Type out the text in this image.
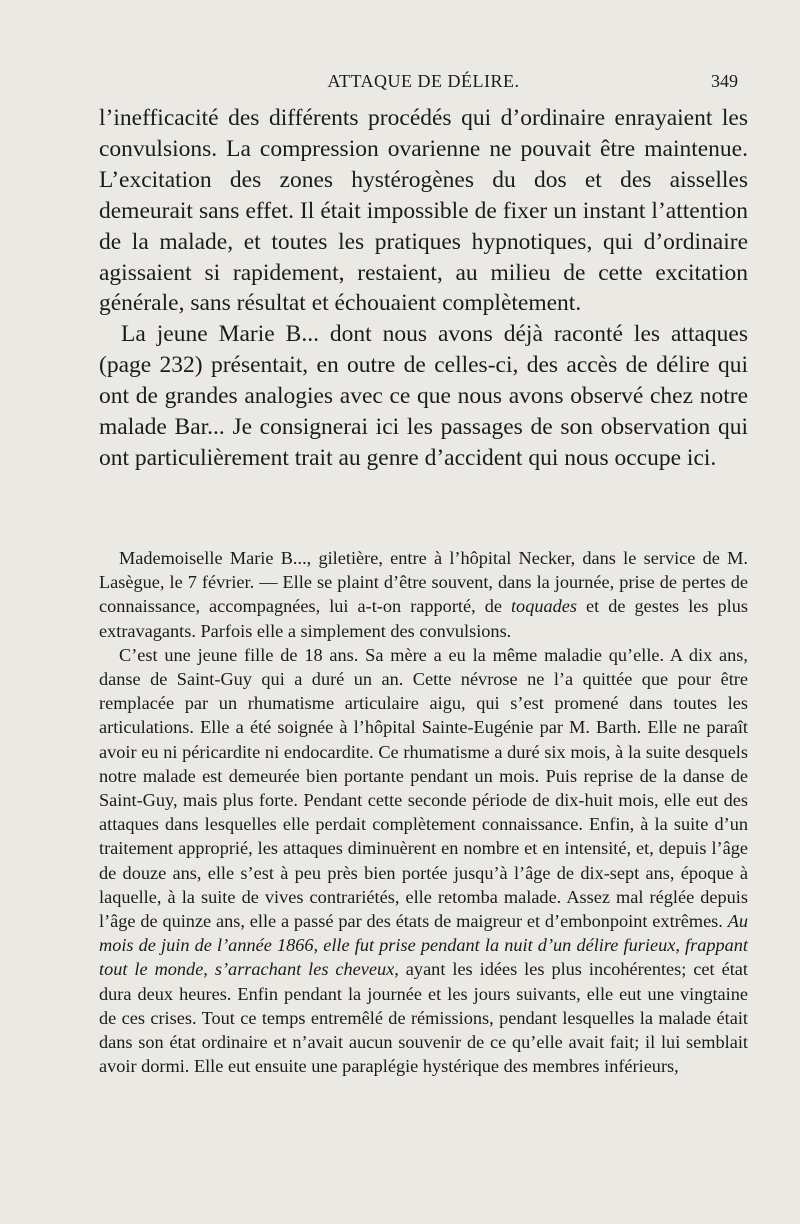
ATTAQUE DE DÉLIRE.	349

l’inefficacité des différents procédés qui d’ordinaire enrayaient les convulsions. La compression ovarienne ne pouvait être maintenue. L’excitation des zones hystérogènes du dos et des aisselles demeurait sans effet. Il était impossible de fixer un instant l’attention de la malade, et toutes les pratiques hypnotiques, qui d’ordinaire agissaient si rapidement, restaient, au milieu de cette excitation générale, sans résultat et échouaient complètement.

La jeune Marie B... dont nous avons déjà raconté les attaques (page 232) présentait, en outre de celles-ci, des accès de délire qui ont de grandes analogies avec ce que nous avons observé chez notre malade Bar... Je consignerai ici les passages de son observation qui ont particulièrement trait au genre d’accident qui nous occupe ici.

Mademoiselle Marie B..., giletière, entre à l’hôpital Necker, dans le service de M. Lasègue, le 7 février. — Elle se plaint d’être souvent, dans la journée, prise de pertes de connaissance, accompagnées, lui a-t-on rapporté, de toquades et de gestes les plus extravagants. Parfois elle a simplement des convulsions.

C’est une jeune fille de 18 ans. Sa mère a eu la même maladie qu’elle. A dix ans, danse de Saint-Guy qui a duré un an. Cette névrose ne l’a quittée que pour être remplacée par un rhumatisme articulaire aigu, qui s’est promené dans toutes les articulations. Elle a été soignée à l’hôpital Sainte-Eugénie par M. Barth. Elle ne paraît avoir eu ni péricardite ni endocardite. Ce rhumatisme a duré six mois, à la suite desquels notre malade est demeurée bien portante pendant un mois. Puis reprise de la danse de Saint-Guy, mais plus forte. Pendant cette seconde période de dix-huit mois, elle eut des attaques dans lesquelles elle perdait complètement connaissance. Enfin, à la suite d’un traitement approprié, les attaques diminuèrent en nombre et en intensité, et, depuis l’âge de douze ans, elle s’est à peu près bien portée jusqu’à l’âge de dix-sept ans, époque à laquelle, à la suite de vives contrariétés, elle retomba malade. Assez mal réglée depuis l’âge de quinze ans, elle a passé par des états de maigreur et d’embonpoint extrêmes. Au mois de juin de l’année 1866, elle fut prise pendant la nuit d’un délire furieux, frappant tout le monde, s’arrachant les cheveux, ayant les idées les plus incohérentes; cet état dura deux heures. Enfin pendant la journée et les jours suivants, elle eut une vingtaine de ces crises. Tout ce temps entremêlé de rémissions, pendant lesquelles la malade était dans son état ordinaire et n’avait aucun souvenir de ce qu’elle avait fait; il lui semblait avoir dormi. Elle eut ensuite une paraplégie hystérique des membres inférieurs,
